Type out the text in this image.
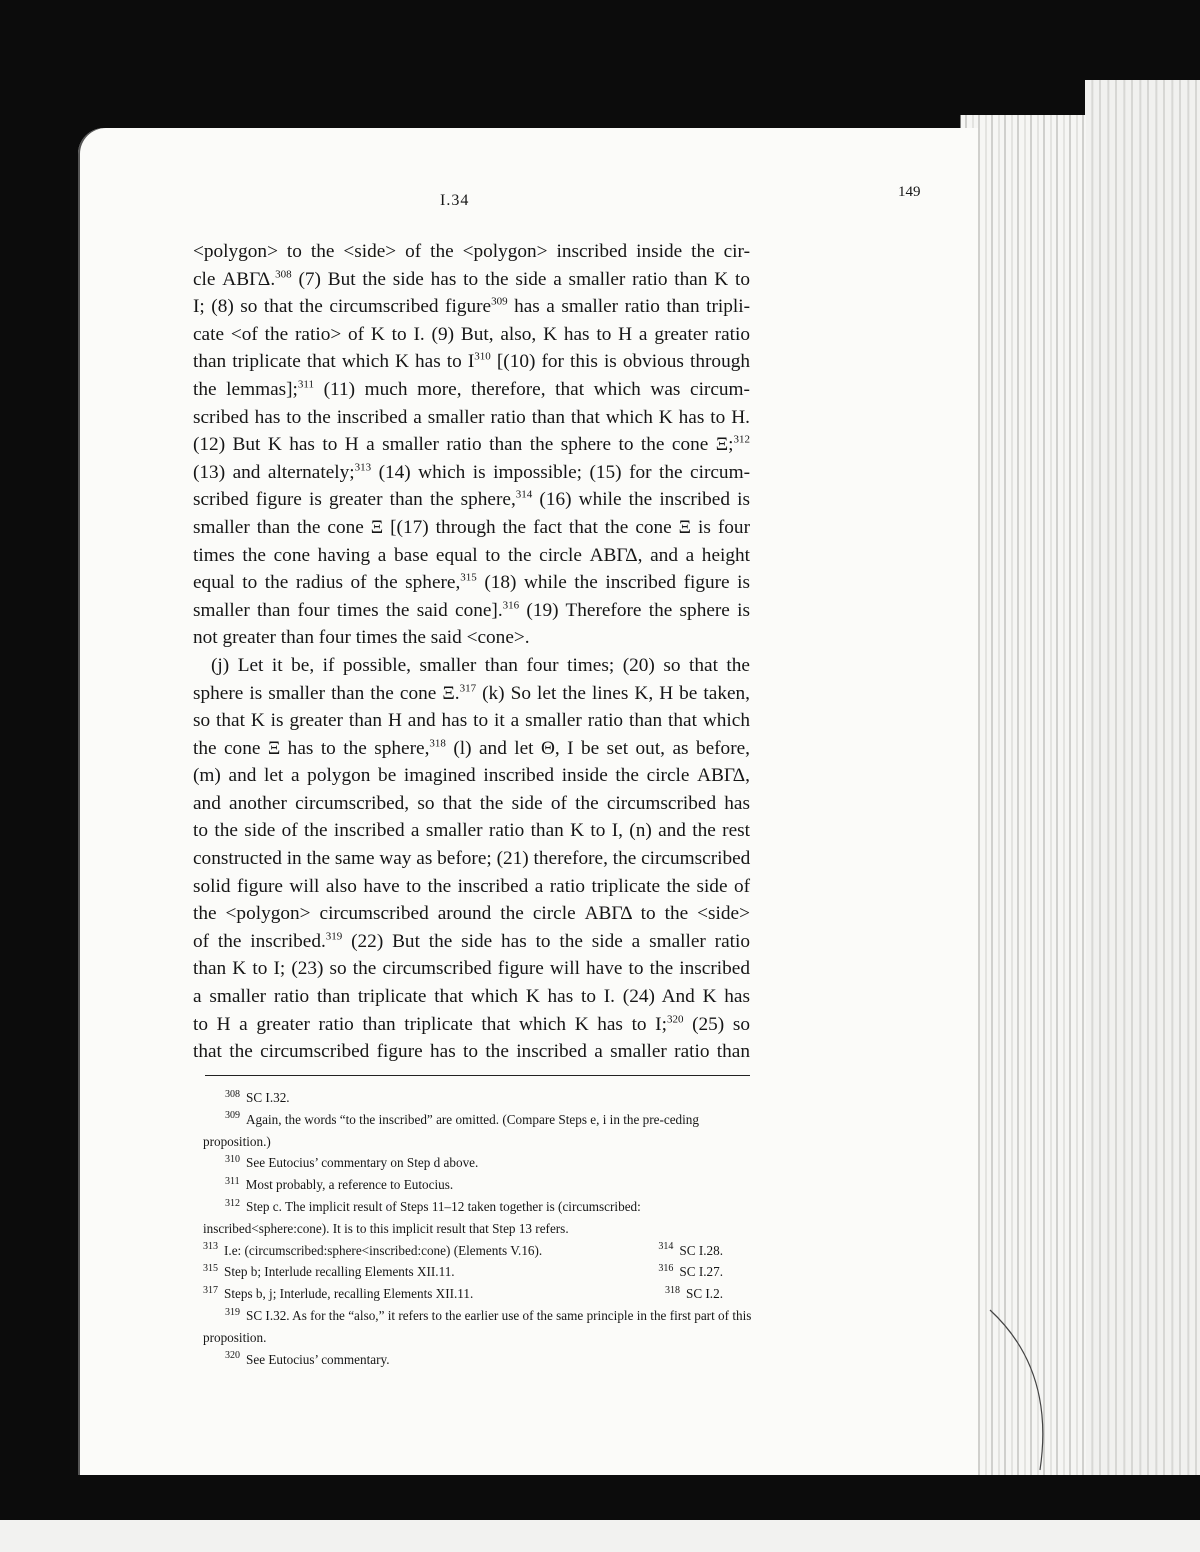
I.34	149
<polygon> to the <side> of the <polygon> inscribed inside the cir-
cle ΑΒΓΔ.$^{308}$ (7) But the side has to the side a smaller ratio than K to
I; (8) so that the circumscribed figure$^{309}$ has a smaller ratio than tripli-
cate <of the ratio> of K to I. (9) But, also, K has to H a greater ratio
than triplicate that which K has to $I^{310}$ [(10) for this is obvious through
the lemmas];$^{311}$ (11) much more, therefore, that which was circum-
scribed has to the inscribed a smaller ratio than that which K has to H.
(12) But K has to H a smaller ratio than the sphere to the cone Ξ;$^{312}$
(13) and alternately;$^{313}$ (14) which is impossible; (15) for the circum-
scribed figure is greater than the sphere,$^{314}$ (16) while the inscribed is
smaller than the cone Ξ [(17) through the fact that the cone Ξ is four
times the cone having a base equal to the circle ΑΒΓΔ, and a height
equal to the radius of the sphere,$^{315}$ (18) while the inscribed figure is
smaller than four times the said cone].$^{316}$ (19) Therefore the sphere is
not greater than four times the said <cone>.
(j) Let it be, if possible, smaller than four times; (20) so that the
sphere is smaller than the cone Ξ.$^{317}$ (k) So let the lines K, H be taken,
so that K is greater than H and has to it a smaller ratio than that which
the cone Ξ has to the sphere,$^{318}$ (l) and let Θ, I be set out, as before,
(m) and let a polygon be imagined inscribed inside the circle ΑΒΓΔ,
and another circumscribed, so that the side of the circumscribed has
to the side of the inscribed a smaller ratio than K to I, (n) and the rest
constructed in the same way as before; (21) therefore, the circumscribed
solid figure will also have to the inscribed a ratio triplicate the side of
the <polygon> circumscribed around the circle ΑΒΓΔ to the <side>
of the inscribed.$^{319}$ (22) But the side has to the side a smaller ratio
than K to I; (23) so the circumscribed figure will have to the inscribed
a smaller ratio than triplicate that which K has to I. (24) And K has
to H a greater ratio than triplicate that which K has to I;$^{320}$ (25) so
that the circumscribed figure has to the inscribed a smaller ratio than
$^{308}$ SC I.32.
$^{309}$ Again, the words “to the inscribed” are omitted. (Compare Steps e, i in the pre-ceding proposition.)
$^{310}$ See Eutocius’ commentary on Step d above.
$^{311}$ Most probably, a reference to Eutocius.
$^{312}$ Step c. The implicit result of Steps 11–12 taken together is (circumscribed: inscribed<sphere:cone). It is to this implicit result that Step 13 refers.
$^{313}$ I.e: (circumscribed:sphere<inscribed:cone) (Elements V.16).	$^{314}$ SC I.28.
$^{315}$ Step b; Interlude recalling Elements XII.11.	$^{316}$ SC I.27.
$^{317}$ Steps b, j; Interlude, recalling Elements XII.11.	$^{318}$ SC I.2.
$^{319}$ SC I.32. As for the “also,” it refers to the earlier use of the same principle in the first part of this proposition.
$^{320}$ See Eutocius’ commentary.
